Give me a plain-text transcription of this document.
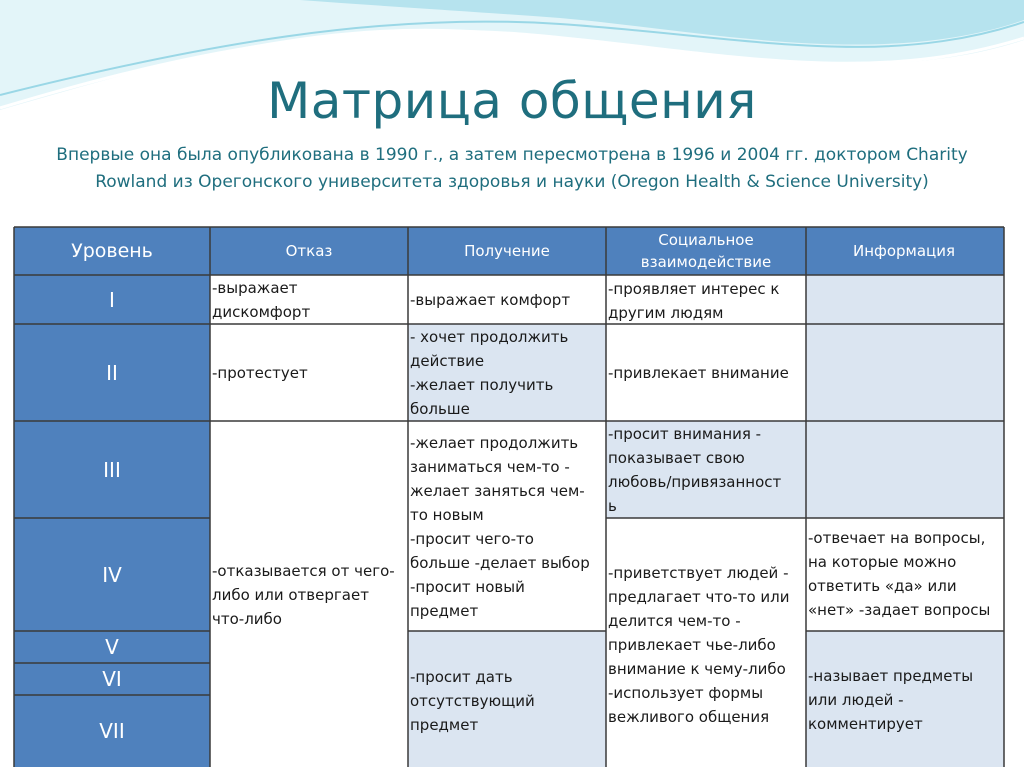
Матрица общения
Впервые она была опубликована в 1990 г., а затем пересмотрена в 1996 и 2004 гг. доктором Charity
Rowland из Орегонского университета здоровья и науки (Oregon Health & Science University)
Уровень	Отказ	Получение
Социальное взаимодействие
Информация
I
II
III
IV
V
VI
VII
-выражает
дискомфорт
-протестует
-отказывается от чего-
либо или отвергает
что-либо
-выражает комфорт
- хочет продолжить
действие
-желает получить
больше
-желает продолжить
заниматься чем-то -
желает заняться чем-
то новым
-просит чего-то
больше -делает выбор
-просит новый
предмет
-просит дать
отсутствующий
предмет
-проявляет интерес к
другим людям
-привлекает внимание
-просит внимания -
показывает свою
любовь/привязанност
ь
-приветствует людей -
предлагает что-то или
делится чем-то -
привлекает чье-либо
внимание к чему-либо
-использует формы
вежливого общения
-отвечает на вопросы,
на которые можно
ответить «да» или
«нет» -задает вопросы
-называет предметы
или людей -
комментирует
